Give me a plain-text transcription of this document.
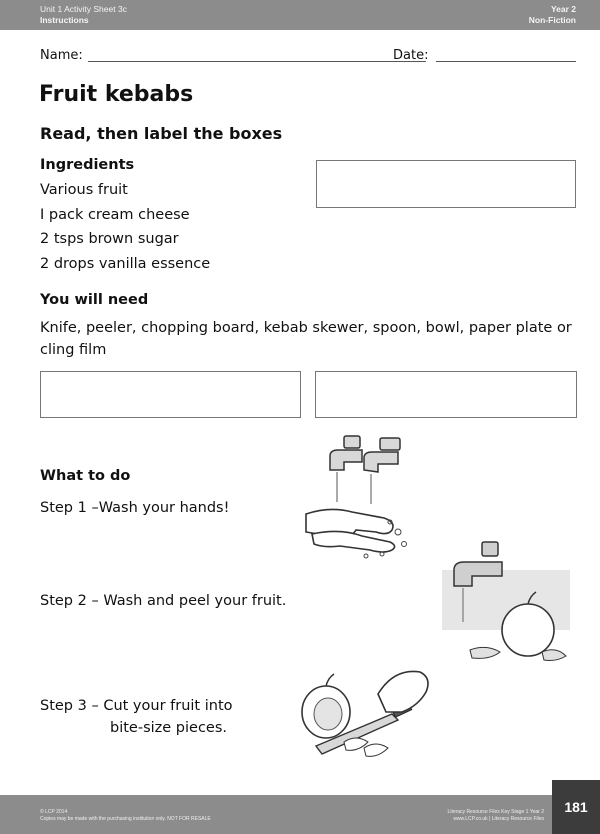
Unit 1 Activity Sheet 3c
Instructions
Year 2
Non-Fiction
Name:	Date:
Fruit kebabs
Read, then label the boxes
Ingredients
Various fruit
I pack cream cheese
2 tsps brown sugar
2 drops vanilla essence
You will need

Knife, peeler, chopping board, kebab skewer, spoon, bowl, paper plate or cling film

What to do
Step 1 –Wash your hands!
Step 2 – Wash and peel your fruit.
Step 3 – Cut your fruit into
bite-size pieces.
© LCP 2014
Copies may be made with the purchasing institution only. NOT FOR RESALE
Literacy Resource Files Key Stage 1 Year 2
www.LCP.co.uk | Literacy Resource Files
181
